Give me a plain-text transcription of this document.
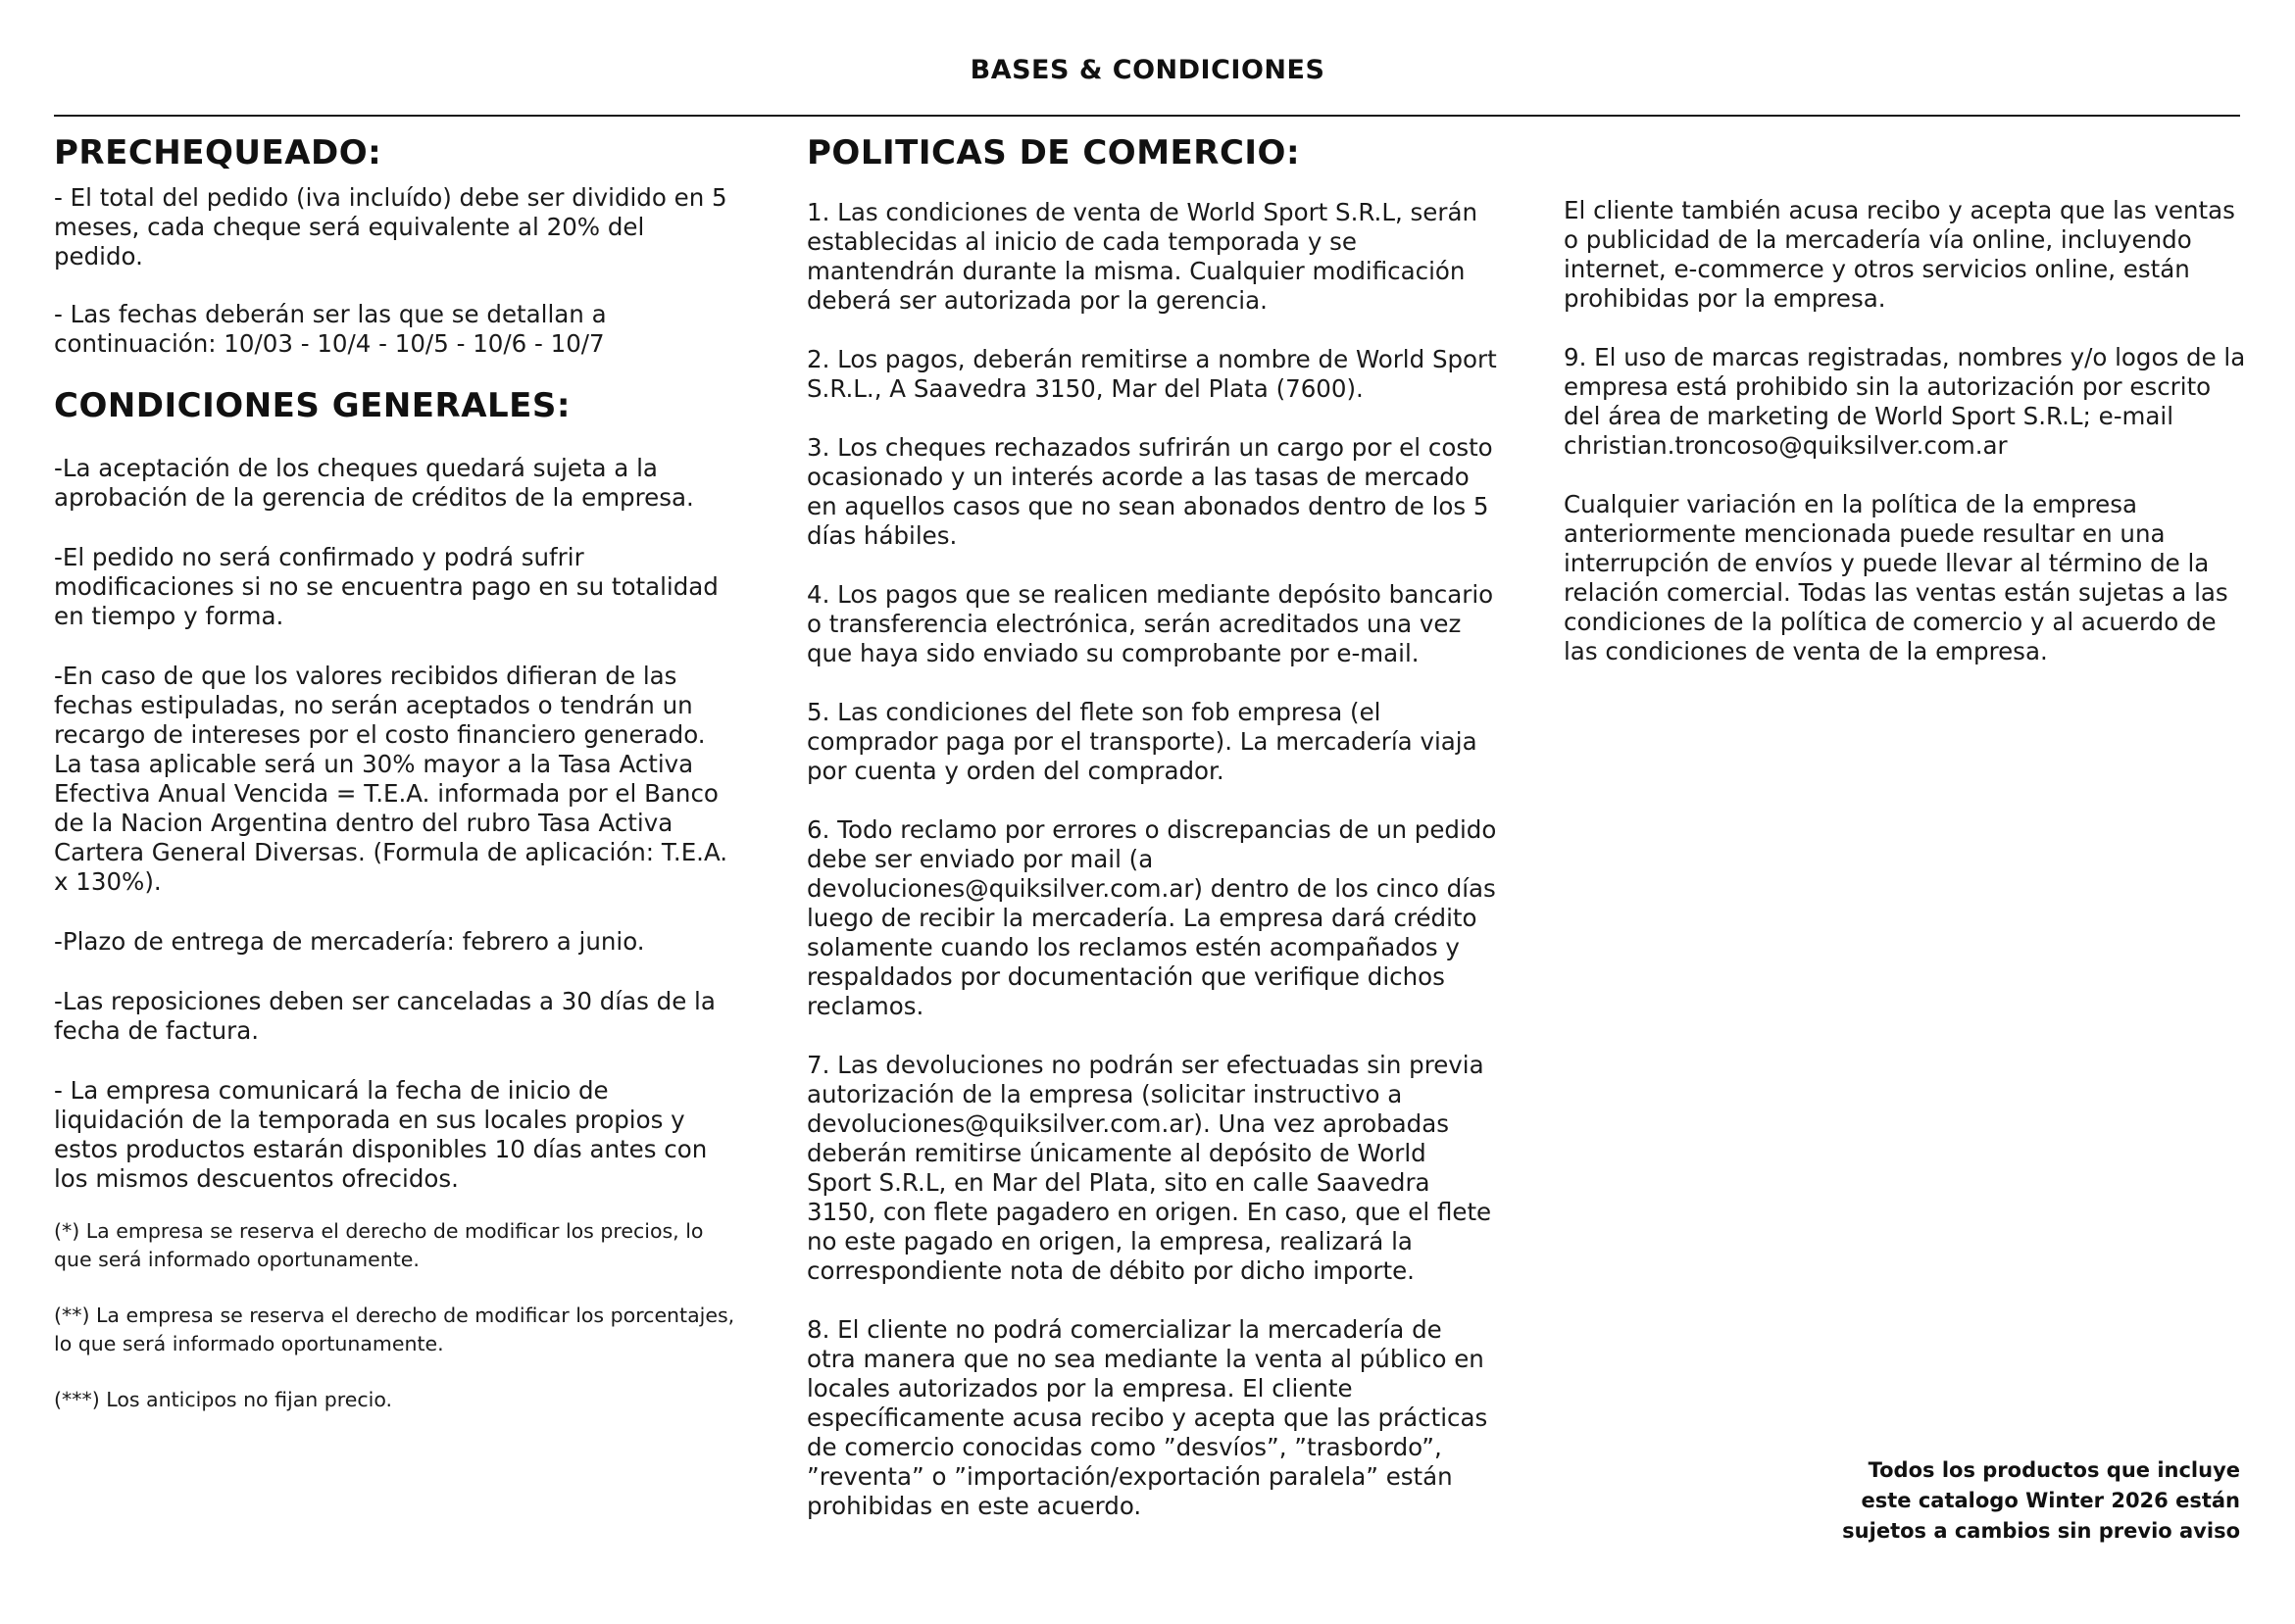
BASES & CONDICIONES
PRECHEQUEADO:

- El total del pedido (iva incluído) debe ser dividido en 5 meses, cada cheque será equivalente al 20% del pedido.

- Las fechas deberán ser las que se detallan a continuación: 10/03 - 10/4 - 10/5 - 10/6 - 10/7

CONDICIONES GENERALES:

-La aceptación de los cheques quedará sujeta a la aprobación de la gerencia de créditos de la empresa.

-El pedido no será confirmado y podrá sufrir modificaciones si no se encuentra pago en su totalidad en tiempo y forma.

-En caso de que los valores recibidos difieran de las fechas estipuladas, no serán aceptados o tendrán un recargo de intereses por el costo financiero generado. La tasa aplicable será un 30% mayor a la Tasa Activa Efectiva Anual Vencida = T.E.A. informada por el Banco de la Nacion Argentina dentro del rubro Tasa Activa Cartera General Diversas. (Formula de aplicación: T.E.A. x 130%).

-Plazo de entrega de mercadería: febrero a junio.

-Las reposiciones deben ser canceladas a 30 días de la fecha de factura.

- La empresa comunicará la fecha de inicio de liquidación de la temporada en sus locales propios y estos productos estarán disponibles 10 días antes con los mismos descuentos ofrecidos.

(*) La empresa se reserva el derecho de modificar los precios, lo que será informado oportunamente.

(**) La empresa se reserva el derecho de modificar los porcentajes, lo que será informado oportunamente.

(***) Los anticipos no fijan precio.

POLITICAS DE COMERCIO:

1. Las condiciones de venta de World Sport S.R.L, serán establecidas al inicio de cada temporada y se mantendrán durante la misma. Cualquier modificación deberá ser autorizada por la gerencia.

2. Los pagos, deberán remitirse a nombre de World Sport S.R.L., A Saavedra 3150, Mar del Plata (7600).

3. Los cheques rechazados sufrirán un cargo por el costo ocasionado y un interés acorde a las tasas de mercado en aquellos casos que no sean abonados dentro de los 5 días hábiles.

4. Los pagos que se realicen mediante depósito bancario o transferencia electrónica, serán acreditados una vez que haya sido enviado su comprobante por e-mail.

5. Las condiciones del flete son fob empresa (el comprador paga por el transporte). La mercadería viaja por cuenta y orden del comprador.

6. Todo reclamo por errores o discrepancias de un pedido debe ser enviado por mail (a devoluciones@quiksilver.com.ar) dentro de los cinco días luego de recibir la mercadería. La empresa dará crédito solamente cuando los reclamos estén acompañados y respaldados por documentación que verifique dichos reclamos.

7. Las devoluciones no podrán ser efectuadas sin previa autorización de la empresa (solicitar instructivo a devoluciones@quiksilver.com.ar). Una vez aprobadas deberán remitirse únicamente al depósito de World Sport S.R.L, en Mar del Plata, sito en calle Saavedra 3150, con flete pagadero en origen. En caso, que el flete no este pagado en origen, la empresa, realizará la correspondiente nota de débito por dicho importe.

8. El cliente no podrá comercializar la mercadería de otra manera que no sea mediante la venta al público en locales autorizados por la empresa. El cliente específicamente acusa recibo y acepta que las prácticas de comercio conocidas como ”desvíos”, ”trasbordo”, ”reventa” o ”importación/exportación paralela” están prohibidas en este acuerdo.

El cliente también acusa recibo y acepta que las ventas o publicidad de la mercadería vía online, incluyendo internet, e-commerce y otros servicios online, están prohibidas por la empresa.

9. El uso de marcas registradas, nombres y/o logos de la empresa está prohibido sin la autorización por escrito del área de marketing de World Sport S.R.L; e-mail christian.troncoso@quiksilver.com.ar

Cualquier variación en la política de la empresa anteriormente mencionada puede resultar en una interrupción de envíos y puede llevar al término de la relación comercial. Todas las ventas están sujetas a las condiciones de la política de comercio y al acuerdo de las condiciones de venta de la empresa.

Todos los productos que incluye
este catalogo Winter 2026 están
sujetos a cambios sin previo aviso
